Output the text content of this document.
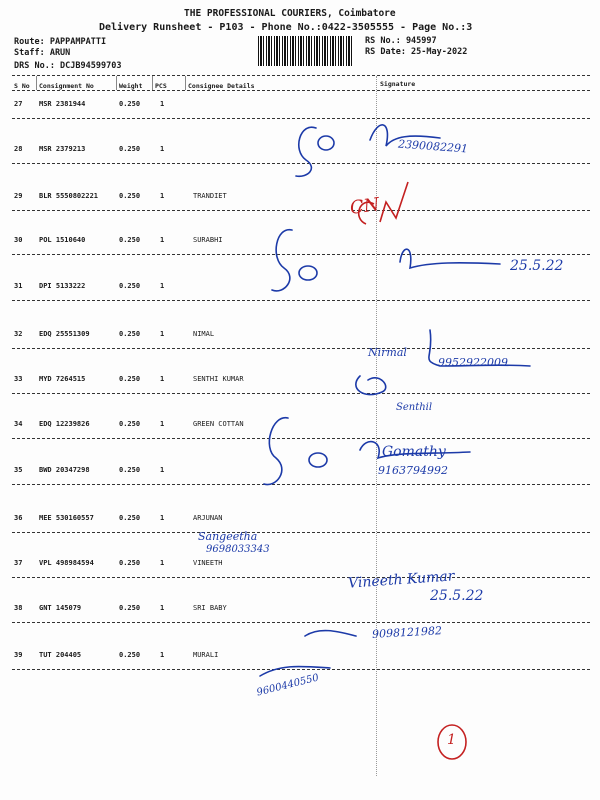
THE PROFESSIONAL COURIERS, Coimbatore
Delivery Runsheet - P103 - Phone No.:0422-3505555 - Page No.:3
Route: PAPPAMPATTI
Staff: ARUN
DRS No.: DCJB94599703
RS No.: 945997
RS Date: 25-May-2022
S No Consignment No	Weight PCS	Consignee Details	Signature
27 MSR 2381944	0.250	1
28 MSR 2379213	0.250	1
29 BLR 5550802221	0.250	1	TRANDIET
30 POL 1510640	0.250	1	SURABHI
31 DPI 5133222	0.250	1
32 EDQ 25551309	0.250	1	NIMAL
33 MYD 7264515	0.250	1	SENTHI KUMAR
34 EDQ 12239826	0.250	1	GREEN COTTAN
35 BWD 20347298	0.250	1
36 MEE 530160557	0.250	1	ARJUNAN
37 VPL 498984594	0.250	1	VINEETH
38 GNT 145079	0.250	1	SRI BABY
39 TUT 204405	0.250	1	MURALI
2390082291
CN
25.5.22
Nirmal
9952922009
Senthil
Gomathy
9163794992
Sangeetha
9698033343
Vineeth Kumar
25.5.22
9098121982
9600440550
1
